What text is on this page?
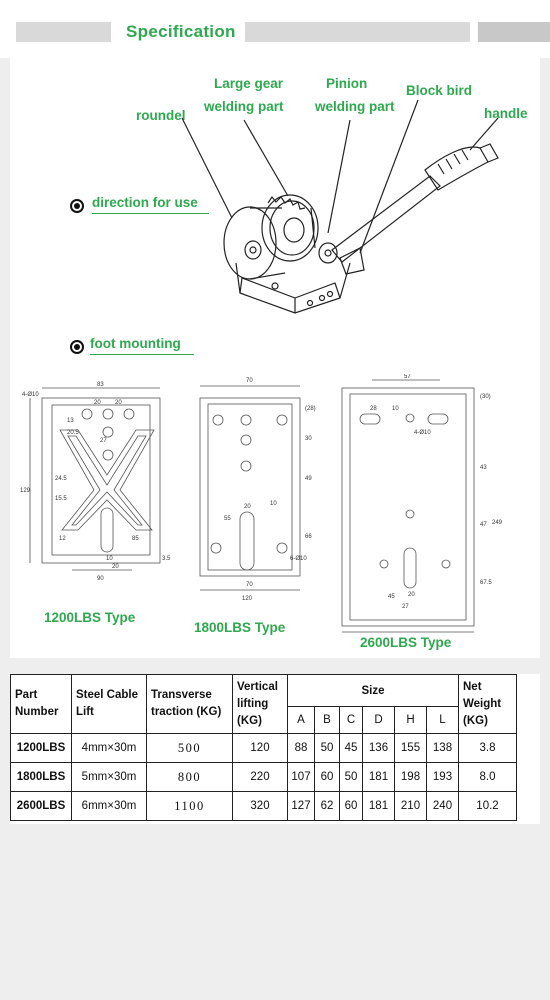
Specification
roundel
Large gear
welding part
Pinion
welding part
Block bird
handle
direction for use
foot mounting
83
4-Ø10
20 20
13
20.5
27
24.5
15.5
129
85
12
10
20
3.5
90
70
(28)
30
49
66
55
10
20
6-Ø10
70
120
57
28	10
4-Ø10
(30)
43
47
67.5
249
45 20
27
1200LBS Type
1800LBS Type
2600LBS Type
Part Number	Steel Cable Lift	Transverse traction (KG)	Vertical lifting (KG)	Size						Net Weight (KG)
				A	B	C	D	H	L	
1200LBS	4mm×30m	500	120	88	50	45	136	155	138	3.8
1800LBS	5mm×30m	800	220	107	60	50	181	198	193	8.0
2600LBS	6mm×30m	1100	320	127	62	60	181	210	240	10.2
